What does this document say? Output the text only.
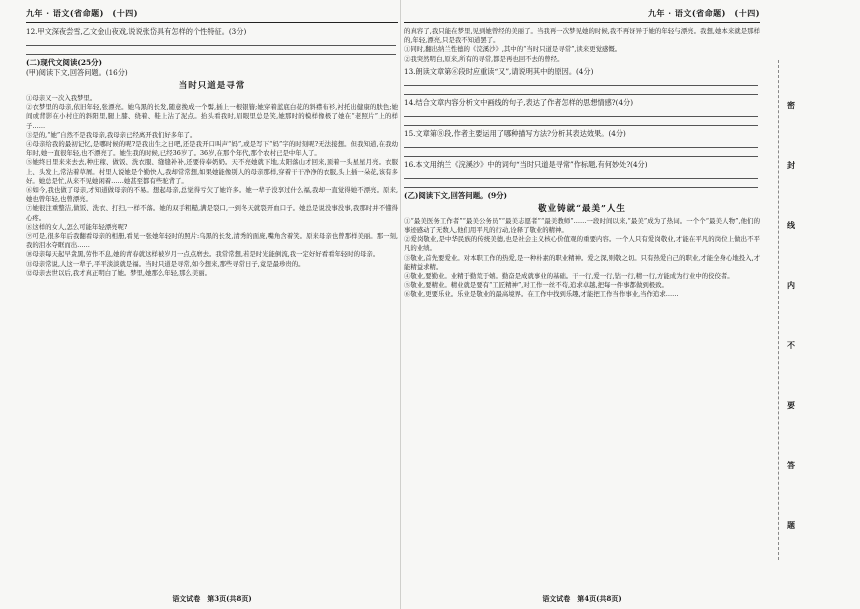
九年 · 语文(省命题)　(十四)
12.甲文深夜尝雪,乙文金山夜戏,说说张岱具有怎样的个性特征。(3分)
(二)现代文阅读(25分)
(甲)阅读下文,回答问题。(16分)
当时只道是寻常
①母亲又一次入我梦里。
②衣梦里的母亲,依旧年轻,张漂亮。她乌黑的长发,随意挽成一个髻,插上一根银簪;她穿着蓝底白花的斜襟布衫,衬托出健康的肤色;她间或背影在小村庄的斜阳里,腿上膝、绕着、鞋上沾了泥点。抬头看我时,眉眼里总是笑,她那时的模样像极了她在“老照片”上的样子……
③是的,“她”自然不是我母亲,我母亲已经离开我们好多年了。
④母亲给我的最初记忆,是哪时候的呢?是我出生之日吧,还是我开口叫声“妈”,或是写下“妈”字的时刻呢?无法接想。但我知道,在我幼年时,她一直很年轻,也不漂亮了。她生我的时候,已经36岁了。36岁,在那个年代,那个农村已是中年人了。
⑤她终日里来来去去,种庄稼、做饭、洗衣服、缝缝补补,还要侍奉奶奶。天不亮她就下地,太阳落山才回来,顶着一头星星月亮。衣服上、头发上,常沾着草屑。村里人说她是个勤快人,我却常常想,如果她能像别人的母亲那样,穿着干干净净的衣服,头上插一朵花,该有多好。她总是忙,从来不见她闲着……她甚至都有些驼背了。
⑥如今,我也做了母亲,才知道做母亲的不易。想起母亲,总觉得亏欠了她许多。她一辈子没享过什么福,我却一直觉得她不漂亮。原来,她也曾年轻,也曾漂亮。
⑦她很注重整洁,做饭、洗衣、打扫,一样不落。她的双手粗糙,满是裂口,一到冬天就裂开血口子。她总是说没事没事,我那时并不懂得心疼。
⑧这样的女人,怎么可能年轻漂亮呢?
⑨可是,很多年后我翻看母亲的相册,看见一张她年轻时的照片:乌黑的长发,清秀的面庞,嘴角含着笑。原来母亲也曾那样美丽。那一刻,我的泪水夺眶而出……
⑩母亲每天起早贪黑,劳作不息,她的青春就这样被岁月一点点磨去。我常常想,若是时光能倒流,我一定好好看看年轻时的母亲。
⑪母亲常说,人这一辈子,平平淡淡就是福。当时只道是寻常,如今想来,那些寻常日子,竟是最珍贵的。
⑫母亲去世以后,我才真正明白了她。梦里,她那么年轻,那么美丽。
语文试卷　第3页(共8页)
九年 · 语文(省命题)　(十四)
的真容了,我只能在梦里,见到她曾经的美丽了。当我再一次梦见她的时候,我不再讶异于她的年轻与漂亮。我想,她本来就是那样的,年轻,漂亮,只是我不知道罢了。
①同时,翻出纳兰性德的《浣溪沙》,其中的“当时只道是寻常”,读来更觉感慨。
②我突然明白,原来,所有的寻常,都是再也回不去的曾经。
13.朗读文章第⑥段时应重读“又”,请说明其中的原因。(4分)
14.结合文章内容分析文中画线的句子,表达了作者怎样的思想情感?(4分)
15.文章第⑧段,作者主要运用了哪种描写方法?分析其表达效果。(4分)
16.本文用纳兰《浣溪沙》中的词句“当时只道是寻常”作标题,有何妙处?(4分)
(乙)阅读下文,回答问题。(9分)
敬业铸就“最美”人生
①“最美医务工作者”“最美公务员”“最美志愿者”“最美教师”……一段时间以来,“最美”成为了热词。一个个“最美人物”,他们的事迹感动了无数人,他们用平凡的行动,诠释了敬业的精神。
②爱岗敬业,是中华民族的传统美德,也是社会主义核心价值观的重要内容。一个人只有爱岗敬业,才能在平凡的岗位上做出不平凡的业绩。
③敬业,首先要爱业。对本职工作的热爱,是一种朴素的职业精神。爱之深,则敬之切。只有热爱自己的职业,才能全身心地投入,才能精益求精。
④敬业,要勤业。业精于勤荒于嬉。勤奋是成就事业的基础。干一行,爱一行,钻一行,精一行,方能成为行业中的佼佼者。
⑤敬业,要精业。精业就是要有“工匠精神”,对工作一丝不苟,追求卓越,把每一件事都做到极致。
⑥敬业,更要乐业。乐业是敬业的最高境界。在工作中找到乐趣,才能把工作当作事业,当作追求……
语文试卷　第4页(共8页)
密
封
线
内
不
要
答
题
